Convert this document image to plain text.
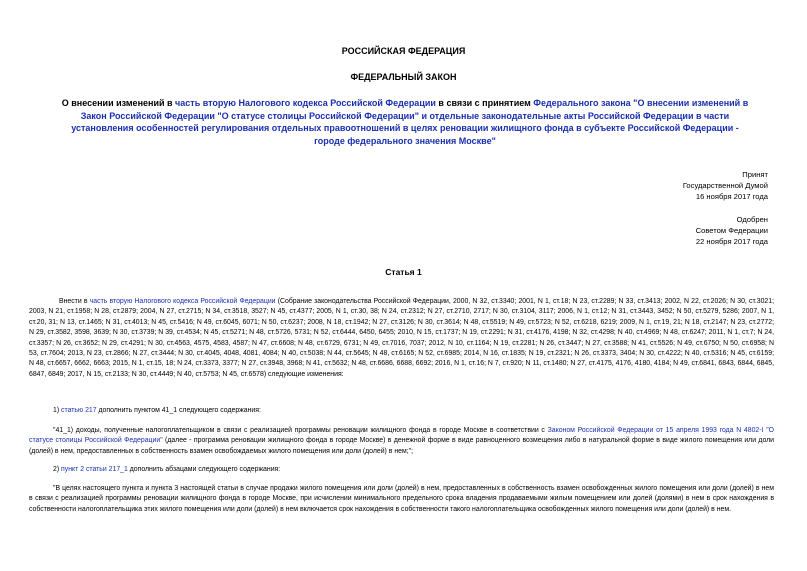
РОССИЙСКАЯ ФЕДЕРАЦИЯ
ФЕДЕРАЛЬНЫЙ ЗАКОН
О внесении изменений в часть вторую Налогового кодекса Российской Федерации в связи с принятием Федерального закона "О внесении изменений в Закон Российской Федерации "О статусе столицы Российской Федерации" и отдельные законодательные акты Российской Федерации в части установления особенностей регулирования отдельных правоотношений в целях реновации жилищного фонда в субъекте Российской Федерации - городе федерального значения Москве"
Принят
Государственной Думой
16 ноября 2017 года
Одобрен
Советом Федерации
22 ноября 2017 года
Статья 1
Внести в часть вторую Налогового кодекса Российской Федерации (Собрание законодательства Российской Федерации, 2000, N 32, ст.3340; 2001, N 1, ст.18; N 23, ст.2289; N 33, ст.3413; 2002, N 22, ст.2026; N 30, ст.3021; 2003, N 21, ст.1958; N 28, ст.2879; 2004, N 27, ст.2715; N 34, ст.3518, 3527; N 45, ст.4377; 2005, N 1, ст.30, 38; N 24, ст.2312; N 27, ст.2710, 2717; N 30, ст.3104, 3117; 2006, N 1, ст.12; N 31, ст.3443, 3452; N 50, ст.5279, 5286; 2007, N 1, ст.20, 31; N 13, ст.1465; N 31, ст.4013; N 45, ст.5416; N 49, ст.6045, 6071; N 50, ст.6237; 2008, N 18, ст.1942; N 27, ст.3126; N 30, ст.3614; N 48, ст.5519; N 49, ст.5723; N 52, ст.6218, 6219; 2009, N 1, ст.19, 21; N 18, ст.2147; N 23, ст.2772; N 29, ст.3582, 3598, 3639; N 30, ст.3739; N 39, ст.4534; N 45, ст.5271; N 48, ст.5726, 5731; N 52, ст.6444, 6450, 6455; 2010, N 15, ст.1737; N 19, ст.2291; N 31, ст.4176, 4198; N 32, ст.4298; N 40, ст.4969; N 48, ст.6247; 2011, N 1, ст.7; N 24, ст.3357; N 26, ст.3652; N 29, ст.4291; N 30, ст.4563, 4575, 4583, 4587; N 47, ст.6608; N 48, ст.6729, 6731; N 49, ст.7016, 7037; 2012, N 10, ст.1164; N 19, ст.2281; N 26, ст.3447; N 27, ст.3588; N 41, ст.5526; N 49, ст.6750; N 50, ст.6958; N 53, ст.7604; 2013, N 23, ст.2866; N 27, ст.3444; N 30, ст.4045, 4048, 4081, 4084; N 40, ст.5038; N 44, ст.5645; N 48, ст.6165; N 52, ст.6985; 2014, N 16, ст.1835; N 19, ст.2321; N 26, ст.3373, 3404; N 30, ст.4222; N 40, ст.5316; N 45, ст.6159; N 48, ст.6657, 6662, 6663; 2015, N 1, ст.15, 18; N 24, ст.3373, 3377; N 27, ст.3948, 3968; N 41, ст.5632; N 48, ст.6686, 6688, 6692; 2016, N 1, ст.16; N 7, ст.920; N 11, ст.1480; N 27, ст.4175, 4176, 4180, 4184; N 49, ст.6841, 6843, 6844, 6845, 6847, 6849; 2017, N 15, ст.2133; N 30, ст.4449; N 40, ст.5753; N 45, ст.6578) следующие изменения:
1) статью 217 дополнить пунктом 41_1 следующего содержания:
"41_1) доходы, полученные налогоплательщиком в связи с реализацией программы реновации жилищного фонда в городе Москве в соответствии с Законом Российской Федерации от 15 апреля 1993 года N 4802-I "О статусе столицы Российской Федерации" (далее - программа реновации жилищного фонда в городе Москве) в денежной форме в виде равноценного возмещения либо в натуральной форме в виде жилого помещения или доли (долей) в нем, предоставленных в собственность взамен освобождаемых жилого помещения или доли (долей) в нем;";
2) пункт 2 статьи 217_1 дополнить абзацами следующего содержания:
"В целях настоящего пункта и пункта 3 настоящей статьи в случае продажи жилого помещения или доли (долей) в нем, предоставленных в собственность взамен освобожденных жилого помещения или доли (долей) в нем в связи с реализацией программы реновации жилищного фонда в городе Москве, при исчислении минимального предельного срока владения продаваемыми жилым помещением или долей (долями) в нем в срок нахождения в собственности налогоплательщика этих жилого помещения или доли (долей) в нем включается срок нахождения в собственности такого налогоплательщика освобожденных жилого помещения или доли (долей) в нем.
